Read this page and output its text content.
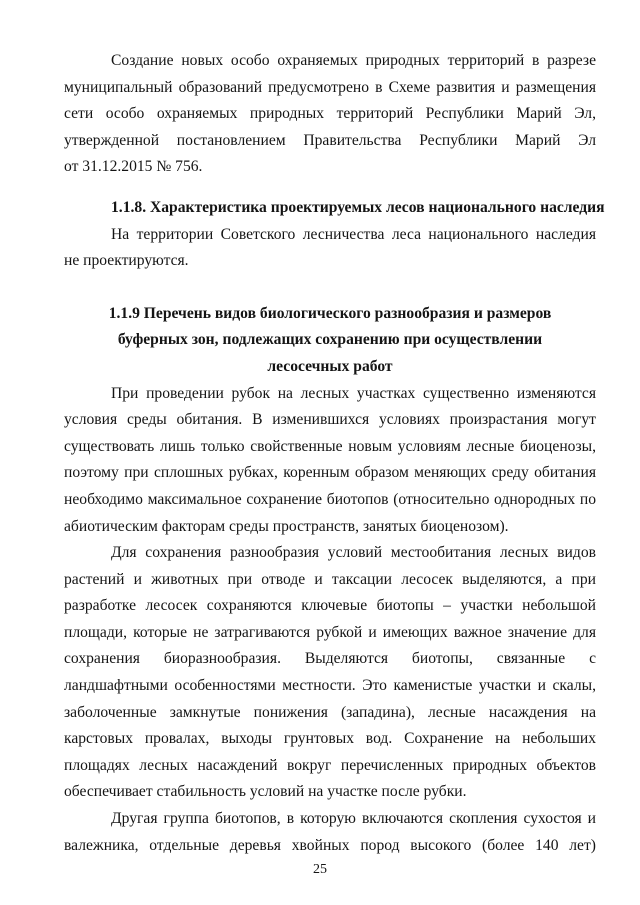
Создание новых особо охраняемых природных территорий в разрезе

муниципальный образований предусмотрено в Схеме развития и размещения

сети особо охраняемых природных территорий Республики Марий Эл,

утвержденной постановлением Правительства Республики Марий Эл

от 31.12.2015 № 756.

1.1.8. Характеристика проектируемых лесов национального наследия

На территории Советского лесничества леса национального наследия

не проектируются.

1.1.9 Перечень видов биологического разнообразия и размеров

буферных зон, подлежащих сохранению при осуществлении

лесосечных работ

При проведении рубок на лесных участках существенно изменяются

условия среды обитания. В изменившихся условиях произрастания могут

существовать лишь только свойственные новым условиям лесные биоценозы,

поэтому при сплошных рубках, коренным образом меняющих среду обитания

необходимо максимальное сохранение биотопов (относительно однородных по

абиотическим факторам среды пространств, занятых биоценозом).

Для сохранения разнообразия условий местообитания лесных видов

растений и животных при отводе и таксации лесосек выделяются, а при

разработке лесосек сохраняются ключевые биотопы – участки небольшой

площади, которые не затрагиваются рубкой и имеющих важное значение для

сохранения биоразнообразия. Выделяются биотопы, связанные с

ландшафтными особенностями местности. Это каменистые участки и скалы,

заболоченные замкнутые понижения (западина), лесные насаждения на

карстовых провалах, выходы грунтовых вод. Сохранение на небольших

площадях лесных насаждений вокруг перечисленных природных объектов

обеспечивает стабильность условий на участке после рубки.

Другая группа биотопов, в которую включаются скопления сухостоя и

валежника, отдельные деревья хвойных пород высокого (более 140 лет)

25
